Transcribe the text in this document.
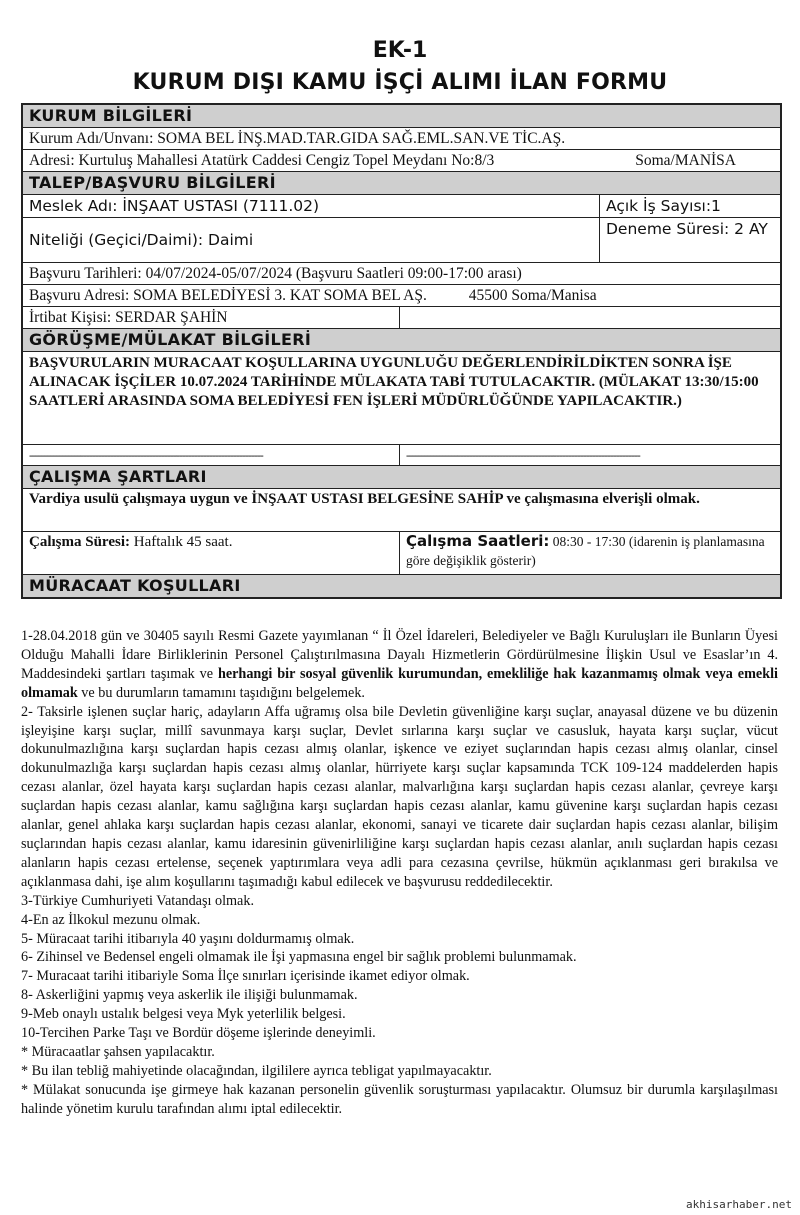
EK-1
KURUM DIŞI KAMU İŞÇİ ALIMI İLAN FORMU
KURUM BİLGİLERİ
Kurum Adı/Unvanı: SOMA BEL İNŞ.MAD.TAR.GIDA SAĞ.EML.SAN.VE TİC.AŞ.
Adresi: Kurtuluş Mahallesi Atatürk Caddesi Cengiz Topel Meydanı No:8/3	Soma/MANİSA
TALEP/BAŞVURU BİLGİLERİ
Meslek Adı: İNŞAAT USTASI (7111.02)	Açık İş Sayısı:1
Niteliği (Geçici/Daimi): Daimi
Deneme Süresi: 2 AY
Başvuru Tarihleri: 04/07/2024-05/07/2024 (Başvuru Saatleri 09:00-17:00 arası)
Başvuru Adresi: SOMA BELEDİYESİ 3. KAT SOMA BEL AŞ.	45500 Soma/Manisa
İrtibat Kişisi: SERDAR ŞAHİN
GÖRÜŞME/MÜLAKAT BİLGİLERİ
BAŞVURULARIN MURACAAT KOŞULLARINA UYGUNLUĞU DEĞERLENDİRİLDİKTEN SONRA İŞE ALINACAK İŞÇİLER 10.07.2024 TARİHİNDE MÜLAKATA TABİ TUTULACAKTIR. (MÜLAKAT 13:30/15:00 SAATLERİ ARASINDA SOMA BELEDİYESİ FEN İŞLERİ MÜDÜRLÜĞÜNDE YAPILACAKTIR.)
------------------------------------------------------------------------------	------------------------------------------------------------------------------
ÇALIŞMA ŞARTLARI
Vardiya usulü çalışmaya uygun ve İNŞAAT USTASI BELGESİNE SAHİP ve çalışmasına elverişli olmak.
Çalışma Süresi: Haftalık 45 saat.	Çalışma Saatleri: 08:30 - 17:30 (idarenin iş planlamasına göre değişiklik gösterir)
MÜRACAAT KOŞULLARI

1-28.04.2018 gün ve 30405 sayılı Resmi Gazete yayımlanan “ İl Özel İdareleri, Belediyeler ve Bağlı Kuruluşları ile Bunların Üyesi Olduğu Mahalli İdare Birliklerinin Personel Çalıştırılmasına Dayalı Hizmetlerin Gördürülmesine İlişkin Usul ve Esaslar’ın 4. Maddesindeki şartları taşımak ve herhangi bir sosyal güvenlik kurumundan, emekliliğe hak kazanmamış olmak veya emekli olmamak ve bu durumların tamamını taşıdığını belgelemek.

2- Taksirle işlenen suçlar hariç, adayların Affa uğramış olsa bile Devletin güvenliğine karşı suçlar, anayasal düzene ve bu düzenin işleyişine karşı suçlar, millî savunmaya karşı suçlar, Devlet sırlarına karşı suçlar ve casusluk, hayata karşı suçlar, vücut dokunulmazlığına karşı suçlardan hapis cezası almış olanlar, işkence ve eziyet suçlarından hapis cezası almış olanlar, cinsel dokunulmazlığa karşı suçlardan hapis cezası almış olanlar, hürriyete karşı suçlar kapsamında TCK 109-124 maddelerden hapis cezası alanlar, özel hayata karşı suçlardan hapis cezası alanlar, malvarlığına karşı suçlardan hapis cezası alanlar, çevreye karşı suçlardan hapis cezası alanlar, kamu sağlığına karşı suçlardan hapis cezası alanlar, kamu güvenine karşı suçlardan hapis cezası alanlar, genel ahlaka karşı suçlardan hapis cezası alanlar, ekonomi, sanayi ve ticarete dair suçlardan hapis cezası alanlar, bilişim suçlarından hapis cezası alanlar, kamu idaresinin güvenirliliğine karşı suçlardan hapis cezası alanlar, anılı suçlardan hapis cezası alanların hapis cezası ertelense, seçenek yaptırımlara veya adli para cezasına çevrilse, hükmün açıklanması geri bırakılsa ve açıklanmasa dahi, işe alım koşullarını taşımadığı kabul edilecek ve başvurusu reddedilecektir.

3-Türkiye Cumhuriyeti Vatandaşı olmak.

4-En az İlkokul mezunu olmak.

5- Müracaat tarihi itibarıyla 40 yaşını doldurmamış olmak.

6- Zihinsel ve Bedensel engeli olmamak ile İşi yapmasına engel bir sağlık problemi bulunmamak.

7- Muracaat tarihi itibariyle Soma İlçe sınırları içerisinde ikamet ediyor olmak.

8- Askerliğini yapmış veya askerlik ile ilişiği bulunmamak.

9-Meb onaylı ustalık belgesi veya Myk yeterlilik belgesi.

10-Tercihen Parke Taşı ve Bordür döşeme işlerinde deneyimli.

* Müracaatlar şahsen yapılacaktır.

* Bu ilan tebliğ mahiyetinde olacağından, ilgililere ayrıca tebligat yapılmayacaktır.

* Mülakat sonucunda işe girmeye hak kazanan personelin güvenlik soruşturması yapılacaktır. Olumsuz bir durumla karşılaşılması halinde yönetim kurulu tarafından alımı iptal edilecektir.

akhisarhaber.net
